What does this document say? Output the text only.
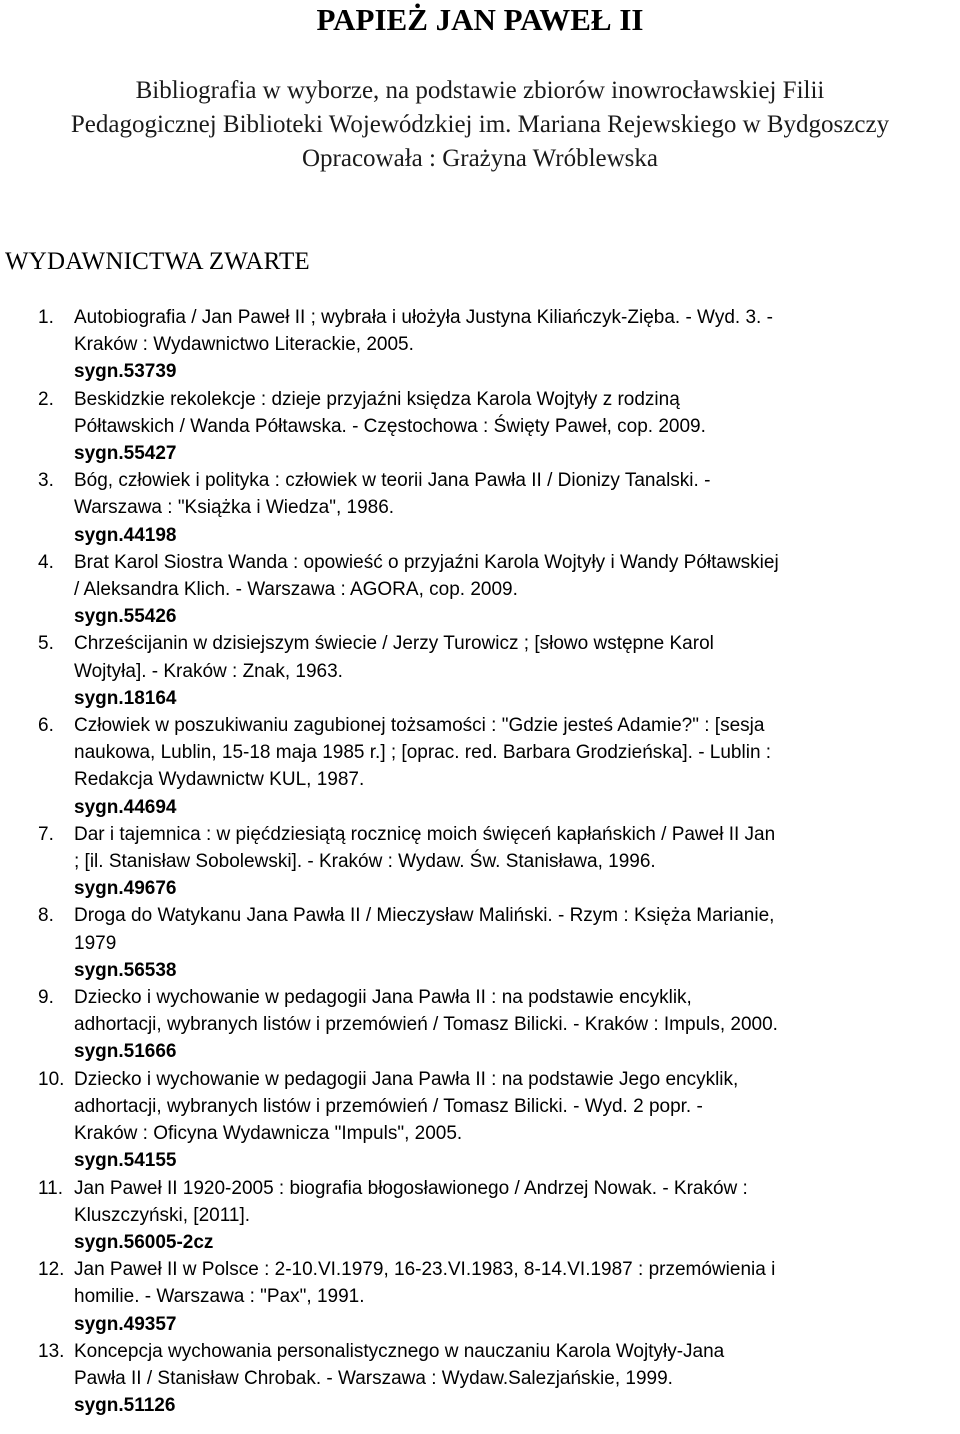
PAPIEŻ JAN PAWEŁ II
Bibliografia w wyborze, na podstawie zbiorów inowrocławskiej Filii
Pedagogicznej Biblioteki Wojewódzkiej im. Mariana Rejewskiego w Bydgoszczy
Opracowała : Grażyna Wróblewska
WYDAWNICTWA ZWARTE
1. Autobiografia / Jan Paweł II ; wybrała i ułożyła Justyna Kiliańczyk-Zięba. - Wyd. 3. -
Kraków : Wydawnictwo Literackie, 2005.
sygn.53739
2. Beskidzkie rekolekcje : dzieje przyjaźni księdza Karola Wojtyły z rodziną
Półtawskich / Wanda Półtawska. - Częstochowa : Święty Paweł, cop. 2009.
sygn.55427
3. Bóg, człowiek i polityka : człowiek w teorii Jana Pawła II / Dionizy Tanalski. -
Warszawa : "Książka i Wiedza", 1986.
sygn.44198
4. Brat Karol Siostra Wanda : opowieść o przyjaźni Karola Wojtyły i Wandy Półtawskiej
/ Aleksandra Klich. - Warszawa : AGORA, cop. 2009.
sygn.55426
5. Chrześcijanin w dzisiejszym świecie / Jerzy Turowicz ; [słowo wstępne Karol
Wojtyła]. - Kraków : Znak, 1963.
sygn.18164
6. Człowiek w poszukiwaniu zagubionej tożsamości : "Gdzie jesteś Adamie?" : [sesja
naukowa, Lublin, 15-18 maja 1985 r.] ; [oprac. red. Barbara Grodzieńska]. - Lublin :
Redakcja Wydawnictw KUL, 1987.
sygn.44694
7. Dar i tajemnica : w pięćdziesiątą rocznicę moich święceń kapłańskich / Paweł II Jan
; [il. Stanisław Sobolewski]. - Kraków : Wydaw. Św. Stanisława, 1996.
sygn.49676
8. Droga do Watykanu Jana Pawła II / Mieczysław Maliński. - Rzym : Księża Marianie,
1979
sygn.56538
9. Dziecko i wychowanie w pedagogii Jana Pawła II : na podstawie encyklik,
adhortacji, wybranych listów i przemówień / Tomasz Bilicki. - Kraków : Impuls, 2000.
sygn.51666
10. Dziecko i wychowanie w pedagogii Jana Pawła II : na podstawie Jego encyklik,
adhortacji, wybranych listów i przemówień / Tomasz Bilicki. - Wyd. 2 popr. -
Kraków : Oficyna Wydawnicza "Impuls", 2005.
sygn.54155
11. Jan Paweł II 1920-2005 : biografia błogosławionego / Andrzej Nowak. - Kraków :
Kluszczyński, [2011].
sygn.56005-2cz
12. Jan Paweł II w Polsce : 2-10.VI.1979, 16-23.VI.1983, 8-14.VI.1987 : przemówienia i
homilie. - Warszawa : "Pax", 1991.
sygn.49357
13. Koncepcja wychowania personalistycznego w nauczaniu Karola Wojtyły-Jana
Pawła II / Stanisław Chrobak. - Warszawa : Wydaw.Salezjańskie, 1999.
sygn.51126
